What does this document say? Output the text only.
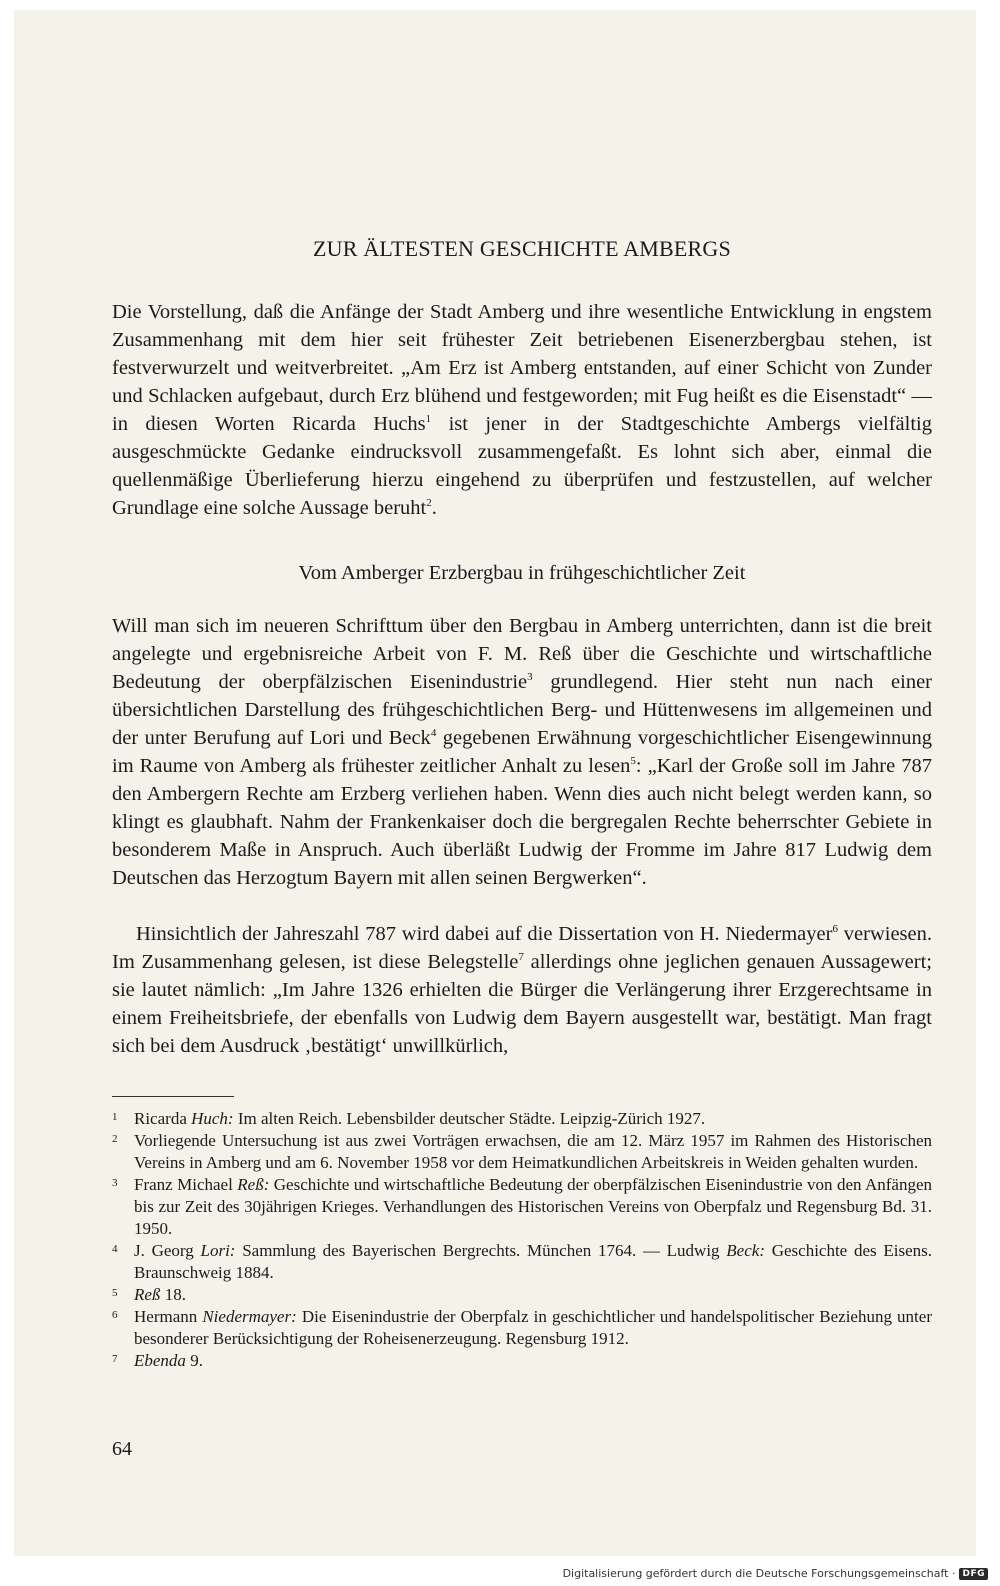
ZUR ÄLTESTEN GESCHICHTE AMBERGS

Die Vorstellung, daß die Anfänge der Stadt Amberg und ihre wesentliche Entwicklung in engstem Zusammenhang mit dem hier seit frühester Zeit betriebenen Eisenerzbergbau stehen, ist festverwurzelt und weitverbreitet. „Am Erz ist Amberg entstanden, auf einer Schicht von Zunder und Schlacken aufgebaut, durch Erz blühend und festgeworden; mit Fug heißt es die Eisenstadt“ — in diesen Worten Ricarda Huchs$^1$ ist jener in der Stadtgeschichte Ambergs vielfältig ausgeschmückte Gedanke eindrucksvoll zusammengefaßt. Es lohnt sich aber, einmal die quellenmäßige Überlieferung hierzu eingehend zu überprüfen und festzustellen, auf welcher Grundlage eine solche Aussage beruht$^2$.

Vom Amberger Erzbergbau in frühgeschichtlicher Zeit

Will man sich im neueren Schrifttum über den Bergbau in Amberg unterrichten, dann ist die breit angelegte und ergebnisreiche Arbeit von F. M. Reß über die Geschichte und wirtschaftliche Bedeutung der oberpfälzischen Eisenindustrie$^3$ grundlegend. Hier steht nun nach einer übersichtlichen Darstellung des frühgeschichtlichen Berg- und Hüttenwesens im allgemeinen und der unter Berufung auf Lori und Beck$^4$ gegebenen Erwähnung vorgeschichtlicher Eisengewinnung im Raume von Amberg als frühester zeitlicher Anhalt zu lesen$^5$: „Karl der Große soll im Jahre 787 den Ambergern Rechte am Erzberg verliehen haben. Wenn dies auch nicht belegt werden kann, so klingt es glaubhaft. Nahm der Frankenkaiser doch die bergregalen Rechte beherrschter Gebiete in besonderem Maße in Anspruch. Auch überläßt Ludwig der Fromme im Jahre 817 Ludwig dem Deutschen das Herzogtum Bayern mit allen seinen Bergwerken“.

Hinsichtlich der Jahreszahl 787 wird dabei auf die Dissertation von H. Niedermayer$^6$ verwiesen. Im Zusammenhang gelesen, ist diese Belegstelle$^7$ allerdings ohne jeglichen genauen Aussagewert; sie lautet nämlich: „Im Jahre 1326 erhielten die Bürger die Verlängerung ihrer Erzgerechtsame in einem Freiheitsbriefe, der ebenfalls von Ludwig dem Bayern ausgestellt war, bestätigt. Man fragt sich bei dem Ausdruck ‚bestätigt‘ unwillkürlich,

1 Ricarda Huch: Im alten Reich. Lebensbilder deutscher Städte. Leipzig-Zürich 1927.
2 Vorliegende Untersuchung ist aus zwei Vorträgen erwachsen, die am 12. März 1957 im Rahmen des Historischen Vereins in Amberg und am 6. November 1958 vor dem Heimatkundlichen Arbeitskreis in Weiden gehalten wurden.
3 Franz Michael Reß: Geschichte und wirtschaftliche Bedeutung der oberpfälzischen Eisenindustrie von den Anfängen bis zur Zeit des 30jährigen Krieges. Verhandlungen des Historischen Vereins von Oberpfalz und Regensburg Bd. 31. 1950.
4 J. Georg Lori: Sammlung des Bayerischen Bergrechts. München 1764. — Ludwig Beck: Geschichte des Eisens. Braunschweig 1884.
5 Reß 18.
6 Hermann Niedermayer: Die Eisenindustrie der Oberpfalz in geschichtlicher und handelspolitischer Beziehung unter besonderer Berücksichtigung der Roheisenerzeugung. Regensburg 1912.
7 Ebenda 9.
64
Digitalisierung gefördert durch die Deutsche Forschungsgemeinschaft · DFG
